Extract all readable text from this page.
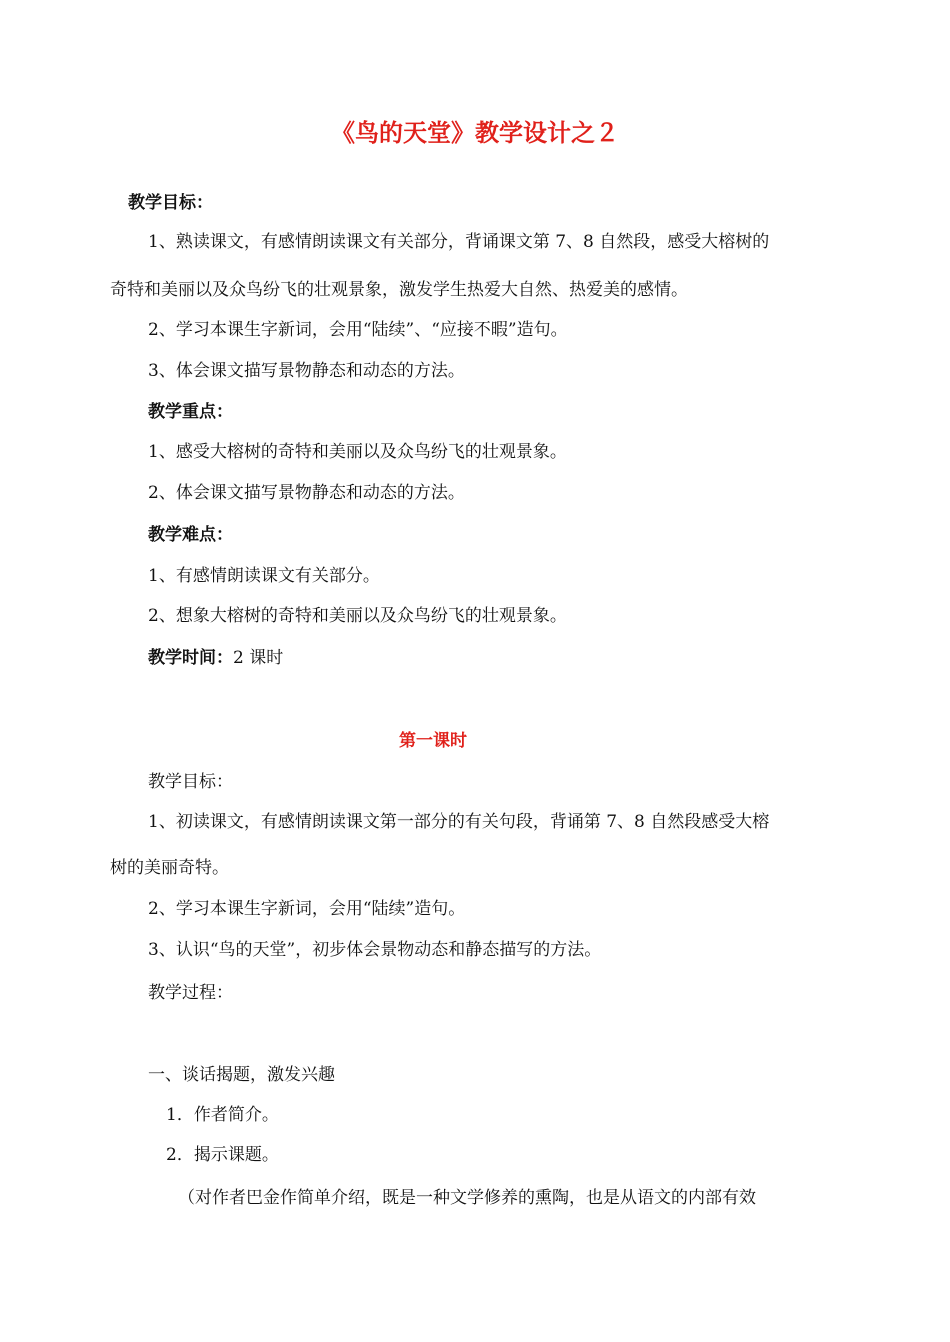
《鸟的天堂》教学设计之２
教学目标：
1、熟读课文，有感情朗读课文有关部分，背诵课文第 7、8 自然段，感受大榕树的
奇特和美丽以及众鸟纷飞的壮观景象，激发学生热爱大自然、热爱美的感情。
2、学习本课生字新词，会用“陆续”、“应接不暇”造句。
3、体会课文描写景物静态和动态的方法。
教学重点：
1、感受大榕树的奇特和美丽以及众鸟纷飞的壮观景象。
2、体会课文描写景物静态和动态的方法。
教学难点：
1、有感情朗读课文有关部分。
2、想象大榕树的奇特和美丽以及众鸟纷飞的壮观景象。
教学时间：2 课时
第一课时
教学目标：
1、初读课文，有感情朗读课文第一部分的有关句段，背诵第 7、8 自然段感受大榕
树的美丽奇特。
2、学习本课生字新词，会用“陆续”造句。
3、认识“鸟的天堂”，初步体会景物动态和静态描写的方法。
教学过程：
一、谈话揭题，激发兴趣
1．作者简介。
2．揭示课题。
（对作者巴金作简单介绍，既是一种文学修养的熏陶，也是从语文的内部有效
